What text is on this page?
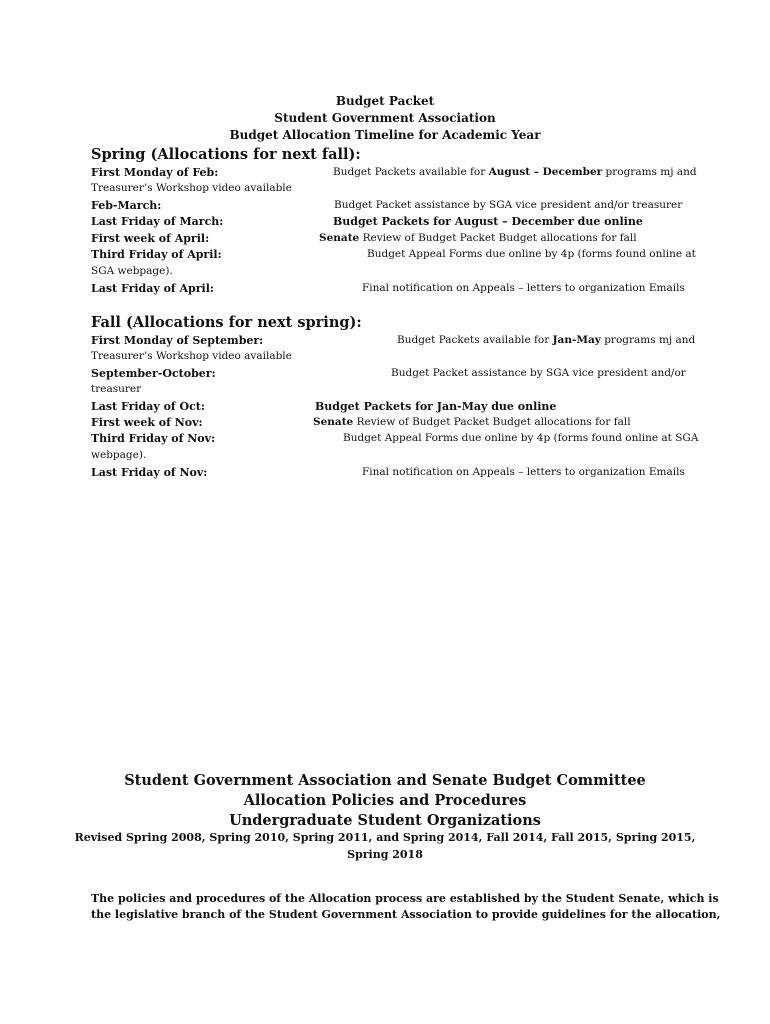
Budget Packet
Student Government Association
Budget Allocation Timeline for Academic Year
Spring (Allocations for next fall):
First Monday of Feb:	Budget Packets available for August – December programs mj and
Treasurer’s Workshop video available
Feb-March:	Budget Packet assistance by SGA vice president and/or treasurer
Last Friday of March:	Budget Packets for August – December due online
First week of April:	Senate Review of Budget Packet Budget allocations for fall
Third Friday of April:	Budget Appeal Forms due online by 4p (forms found online at
SGA webpage).
Last Friday of April:	Final notification on Appeals – letters to organization Emails
Fall (Allocations for next spring):
First Monday of September:	Budget Packets available for Jan-May programs mj and
Treasurer’s Workshop video available
September-October:	Budget Packet assistance by SGA vice president and/or
treasurer
Last Friday of Oct:	Budget Packets for Jan-May due online
First week of Nov:	Senate Review of Budget Packet Budget allocations for fall
Third Friday of Nov:	Budget Appeal Forms due online by 4p (forms found online at SGA
webpage).
Last Friday of Nov:	Final notification on Appeals – letters to organization Emails
Student Government Association and Senate Budget Committee
Allocation Policies and Procedures
Undergraduate Student Organizations
Revised Spring 2008, Spring 2010, Spring 2011, and Spring 2014, Fall 2014, Fall 2015, Spring 2015,
Spring 2018
The policies and procedures of the Allocation process are established by the Student Senate, which is
the legislative branch of the Student Government Association to provide guidelines for the allocation,
